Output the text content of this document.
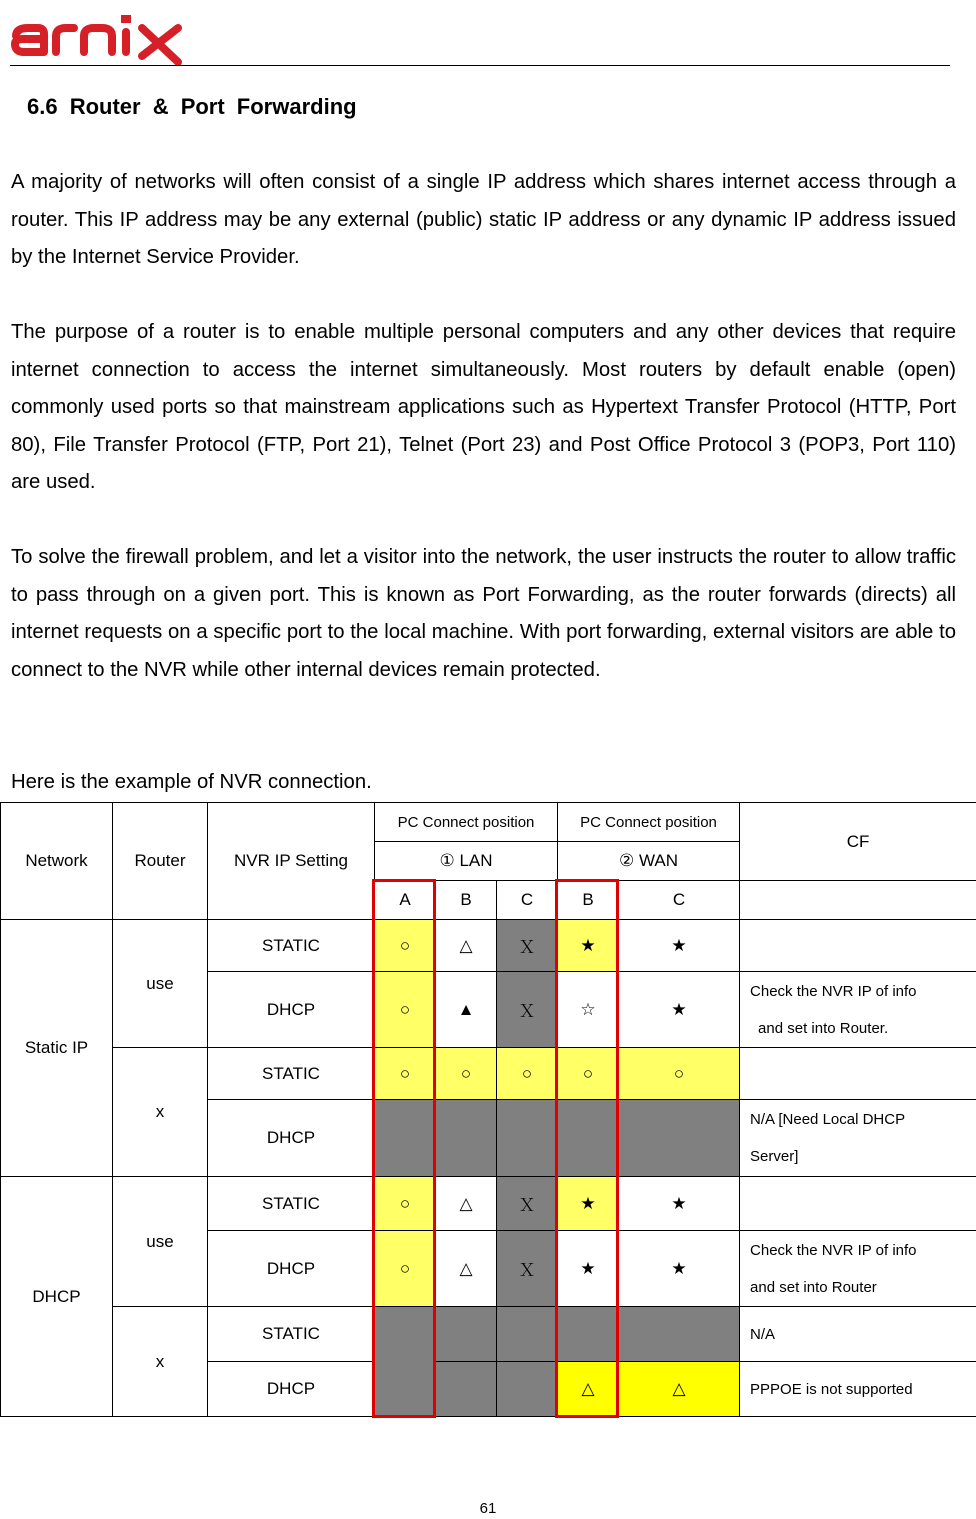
6.6 Router & Port Forwarding

A majority of networks will often consist of a single IP address which shares internet access through a router. This IP address may be any external (public) static IP address or any dynamic IP address issued by the Internet Service Provider.

The purpose of a router is to enable multiple personal computers and any other devices that require internet connection to access the internet simultaneously. Most routers by default enable (open) commonly used ports so that mainstream applications such as Hypertext Transfer Protocol (HTTP, Port 80), File Transfer Protocol (FTP, Port 21), Telnet (Port 23) and Post Office Protocol 3 (POP3, Port 110) are used.

To solve the firewall problem, and let a visitor into the network, the user instructs the router to allow traffic to pass through on a given port. This is known as Port Forwarding, as the router forwards (directs) all internet requests on a specific port to the local machine. With port forwarding, external visitors are able to connect to the NVR while other internal devices remain protected.

Here is the example of NVR connection.

Network	Router	NVR IP Setting	PC Connect position			PC Connect position		CF
			① LAN			② WAN		
			A	B	C	B	C	
Static IP	use	STATIC	○	△	Ｘ	★	★	
		DHCP	○	▲	Ｘ	☆	★	Check the NVR IP of info
and set into Router.
	x	STATIC	○	○	○	○	○	
		DHCP						N/A [Need Local DHCP
Server]
DHCP	use	STATIC	○	△	Ｘ	★	★	
		DHCP	○	△	Ｘ	★	★	Check the NVR IP of info
and set into Router
	x	STATIC						N/A
		DHCP				△	△	PPPOE is not supported
61
